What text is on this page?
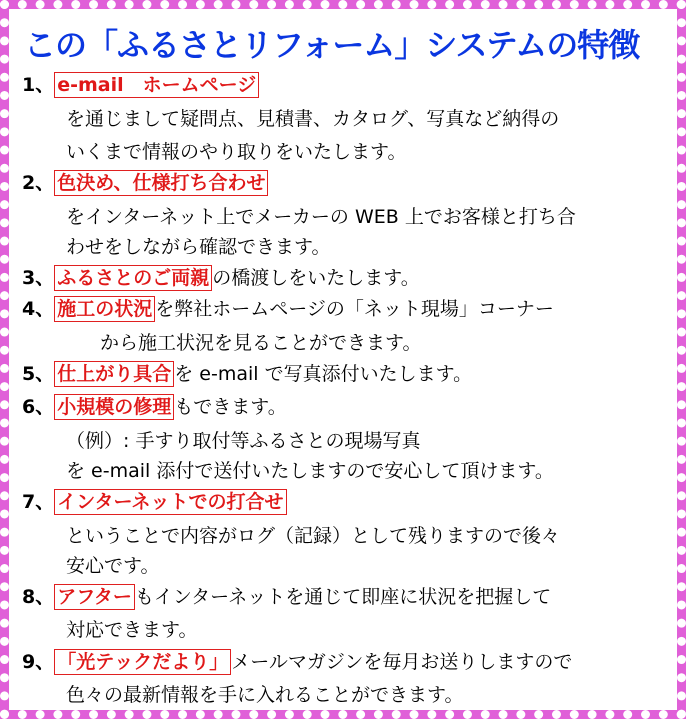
この「ふるさとリフォーム」システムの特徴
1、 e-mail　ホームページ
を通じまして疑問点、見積書、カタログ、写真など納得の
いくまで情報のやり取りをいたします。
2、 色決め、仕様打ち合わせ
をインターネット上でメーカーの WEB 上でお客様と打ち合
わせをしながら確認できます。
3、 ふるさとのご両親 の橋渡しをいたします。
4、 施工の状況 を弊社ホームページの「ネット現場」コーナー
から施工状況を見ることができます。
5、 仕上がり具合 を e-mail で写真添付いたします。
6、 小規模の修理 もできます。
（例）: 手すり取付等ふるさとの現場写真
を e-mail 添付で送付いたしますので安心して頂けます。
7、 インターネットでの打合せ
ということで内容がログ（記録）として残りますので後々
安心です。
8、 アフター もインターネットを通じて即座に状況を把握して
対応できます。
9、 「光テックだより」 メールマガジンを毎月お送りしますので
色々の最新情報を手に入れることができます。
